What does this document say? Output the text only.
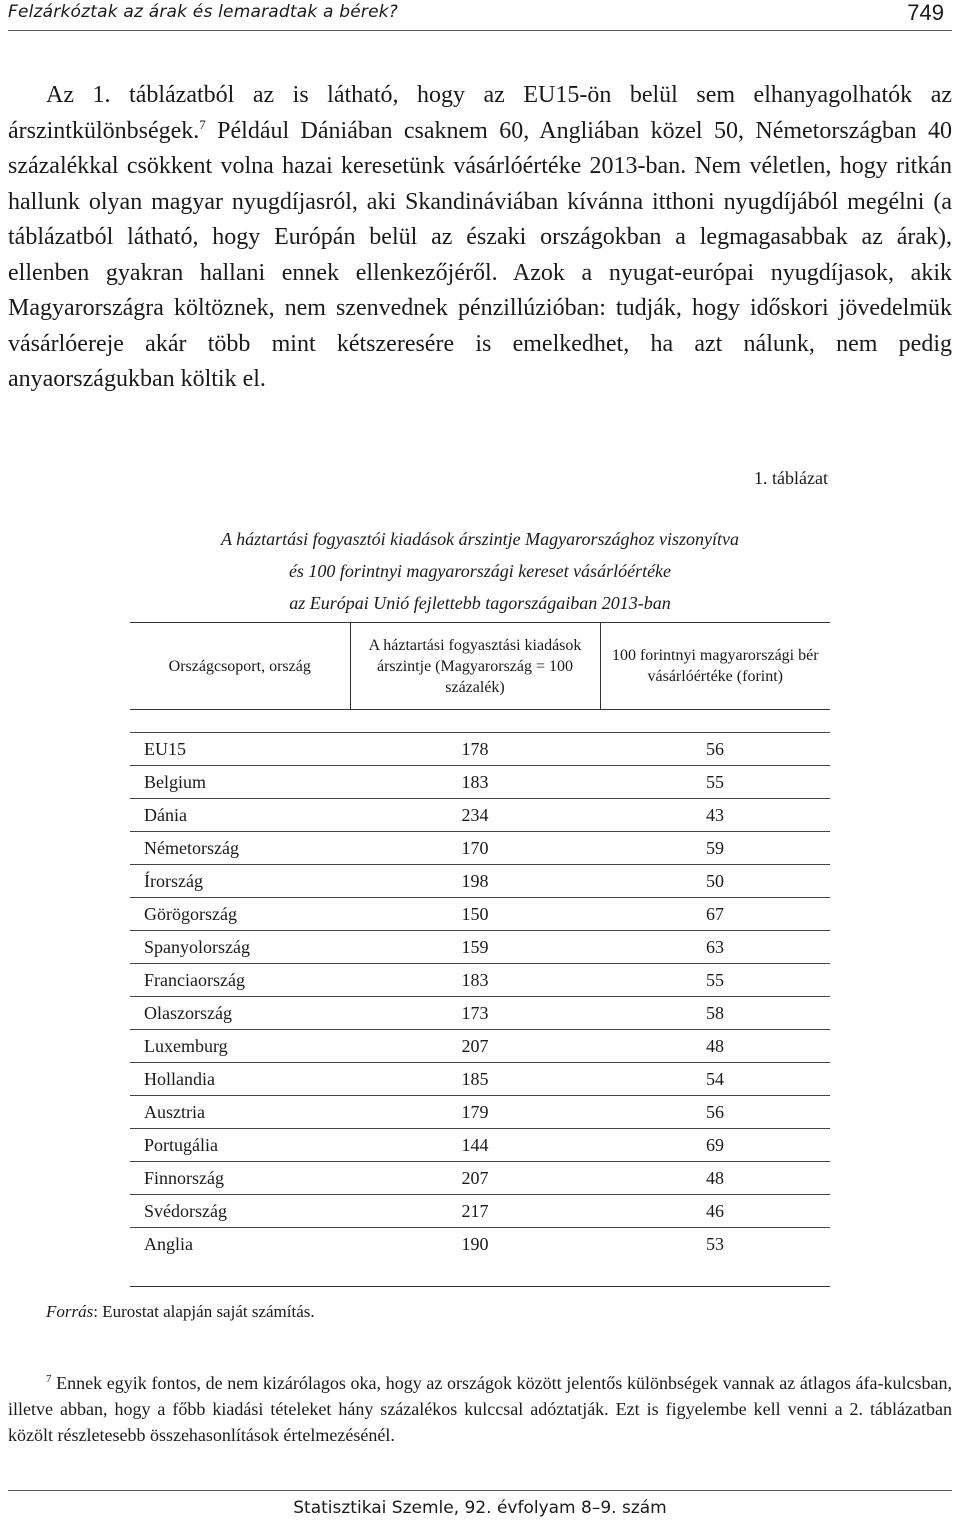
Felzárkóztak az árak és lemaradtak a bérek?	749

Az 1. táblázatból az is látható, hogy az EU15-ön belül sem elhanyagolhatók az árszintkülönbségek.$^7$ Például Dániában csaknem 60, Angliában közel 50, Németországban 40 százalékkal csökkent volna hazai keresetünk vásárlóértéke 2013-ban. Nem véletlen, hogy ritkán hallunk olyan magyar nyugdíjasról, aki Skandináviában kívánna itthoni nyugdíjából megélni (a táblázatból látható, hogy Európán belül az északi országokban a legmagasabbak az árak), ellenben gyakran hallani ennek ellenkezőjéről. Azok a nyugat-európai nyugdíjasok, akik Magyarországra költöznek, nem szenvednek pénzillúzióban: tudják, hogy időskori jövedelmük vásárlóereje akár több mint kétszeresére is emelkedhet, ha azt nálunk, nem pedig anyaországukban költik el.

1. táblázat
A háztartási fogyasztói kiadások árszintje Magyarországhoz viszonyítva
és 100 forintnyi magyarországi kereset vásárlóértéke
az Európai Unió fejlettebb tagországaiban 2013-ban
Országcsoport, ország	A háztartási fogyasztási kiadások árszintje (Magyarország = 100 százalék)	100 forintnyi magyarországi bér vásárlóértéke (forint)

EU15	178	56
Belgium	183	55
Dánia	234	43
Németország	170	59
Írország	198	50
Görögország	150	67
Spanyolország	159	63
Franciaország	183	55
Olaszország	173	58
Luxemburg	207	48
Hollandia	185	54
Ausztria	179	56
Portugália	144	69
Finnország	207	48
Svédország	217	46
Anglia	190	53

Forrás: Eurostat alapján saját számítás.

$^7$ Ennek egyik fontos, de nem kizárólagos oka, hogy az országok között jelentős különbségek vannak az átlagos áfa-kulcsban, illetve abban, hogy a főbb kiadási tételeket hány százalékos kulccsal adóztatják. Ezt is figyelembe kell venni a 2. táblázatban közölt részletesebb összehasonlítások értelmezésénél.

Statisztikai Szemle, 92. évfolyam 8–9. szám
